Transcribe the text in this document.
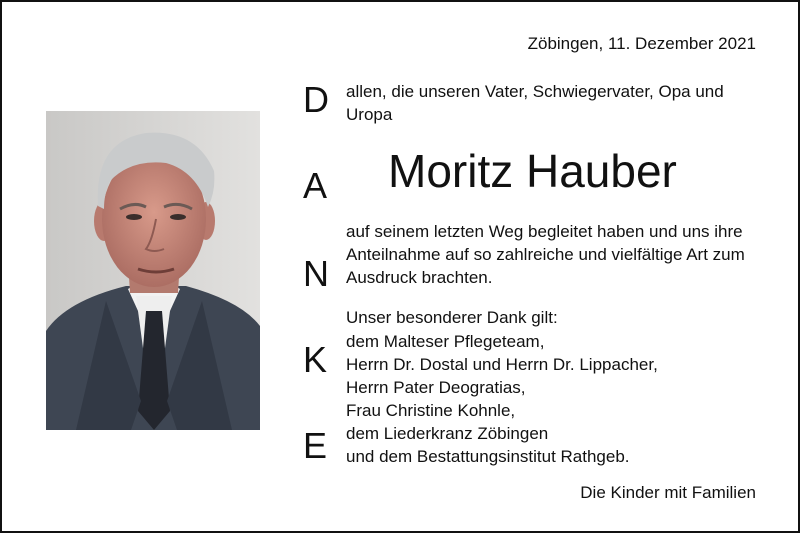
Zöbingen, 11. Dezember 2021
D
A
N
K
E
allen, die unseren Vater, Schwiegervater, Opa und Uropa
Moritz Hauber
auf seinem letzten Weg begleitet haben und uns ihre Anteilnahme auf so zahlreiche und vielfältige Art zum Ausdruck brachten.
Unser besonderer Dank gilt:
dem Malteser Pflegeteam,
Herrn Dr. Dostal und Herrn Dr. Lippacher,
Herrn Pater Deogratias,
Frau Christine Kohnle,
dem Liederkranz Zöbingen
und dem Bestattungsinstitut Rathgeb.
Die Kinder mit Familien
